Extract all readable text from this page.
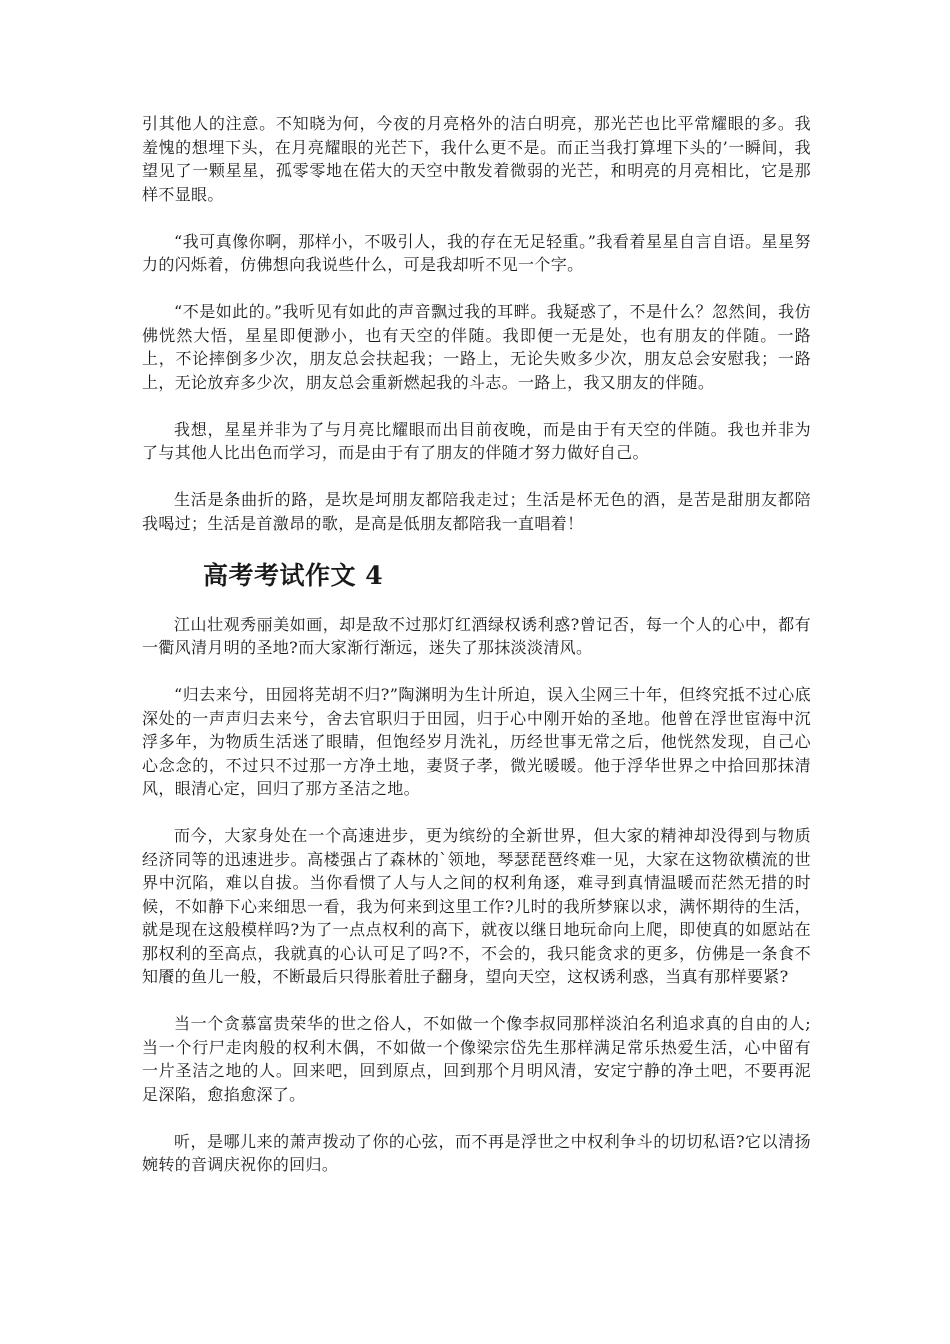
引其他人的注意。不知晓为何，今夜的月亮格外的洁白明亮，那光芒也比平常耀眼的多。我羞愧的想埋下头，在月亮耀眼的光芒下，我什么更不是。而正当我打算埋下头的’一瞬间，我望见了一颗星星，孤零零地在偌大的天空中散发着微弱的光芒，和明亮的月亮相比，它是那样不显眼。

“我可真像你啊，那样小，不吸引人，我的存在无足轻重。”我看着星星自言自语。星星努力的闪烁着，仿佛想向我说些什么，可是我却听不见一个字。

“不是如此的。”我听见有如此的声音飘过我的耳畔。我疑惑了，不是什么？忽然间，我仿佛恍然大悟，星星即便渺小，也有天空的伴随。我即便一无是处，也有朋友的伴随。一路上，不论摔倒多少次，朋友总会扶起我；一路上，无论失败多少次，朋友总会安慰我；一路上，无论放弃多少次，朋友总会重新燃起我的斗志。一路上，我又朋友的伴随。

我想，星星并非为了与月亮比耀眼而出目前夜晚，而是由于有天空的伴随。我也并非为了与其他人比出色而学习，而是由于有了朋友的伴随才努力做好自己。

生活是条曲折的路，是坎是坷朋友都陪我走过；生活是杯无色的酒，是苦是甜朋友都陪我喝过；生活是首激昂的歌，是高是低朋友都陪我一直唱着！

高考考试作文 4

江山壮观秀丽美如画，却是敌不过那灯红酒绿权诱利惑?曾记否，每一个人的心中，都有一衢风清月明的圣地?而大家渐行渐远，迷失了那抹淡淡清风。

“归去来兮，田园将芜胡不归?”陶渊明为生计所迫，误入尘网三十年，但终究抵不过心底深处的一声声归去来兮，舍去官职归于田园，归于心中刚开始的圣地。他曾在浮世宦海中沉浮多年，为物质生活迷了眼睛，但饱经岁月洗礼，历经世事无常之后，他恍然发现，自己心心念念的，不过只不过那一方净土地，妻贤子孝，微光暖暖。他于浮华世界之中拾回那抹清风，眼清心定，回归了那方圣洁之地。

而今，大家身处在一个高速进步，更为缤纷的全新世界，但大家的精神却没得到与物质经济同等的迅速进步。高楼强占了森林的`领地，琴瑟琵琶终难一见，大家在这物欲横流的世界中沉陷，难以自拔。当你看惯了人与人之间的权利角逐，难寻到真情温暖而茫然无措的时候，不如静下心来细思一看，我为何来到这里工作?儿时的我所梦寐以求，满怀期待的生活，就是现在这般模样吗?为了一点点权利的高下，就夜以继日地玩命向上爬，即使真的如愿站在那权利的至高点，我就真的心认可足了吗?不，不会的，我只能贪求的更多，仿佛是一条食不知餍的鱼儿一般，不断最后只得胀着肚子翻身，望向天空，这权诱利惑，当真有那样要紧?

当一个贪慕富贵荣华的世之俗人，不如做一个像李叔同那样淡泊名利追求真的自由的人;当一个行尸走肉般的权利木偶，不如做一个像梁宗岱先生那样满足常乐热爱生活，心中留有一片圣洁之地的人。回来吧，回到原点，回到那个月明风清，安定宁静的净土吧，不要再泥足深陷，愈掐愈深了。

听，是哪儿来的萧声拨动了你的心弦，而不再是浮世之中权利争斗的切切私语?它以清扬婉转的音调庆祝你的回归。
